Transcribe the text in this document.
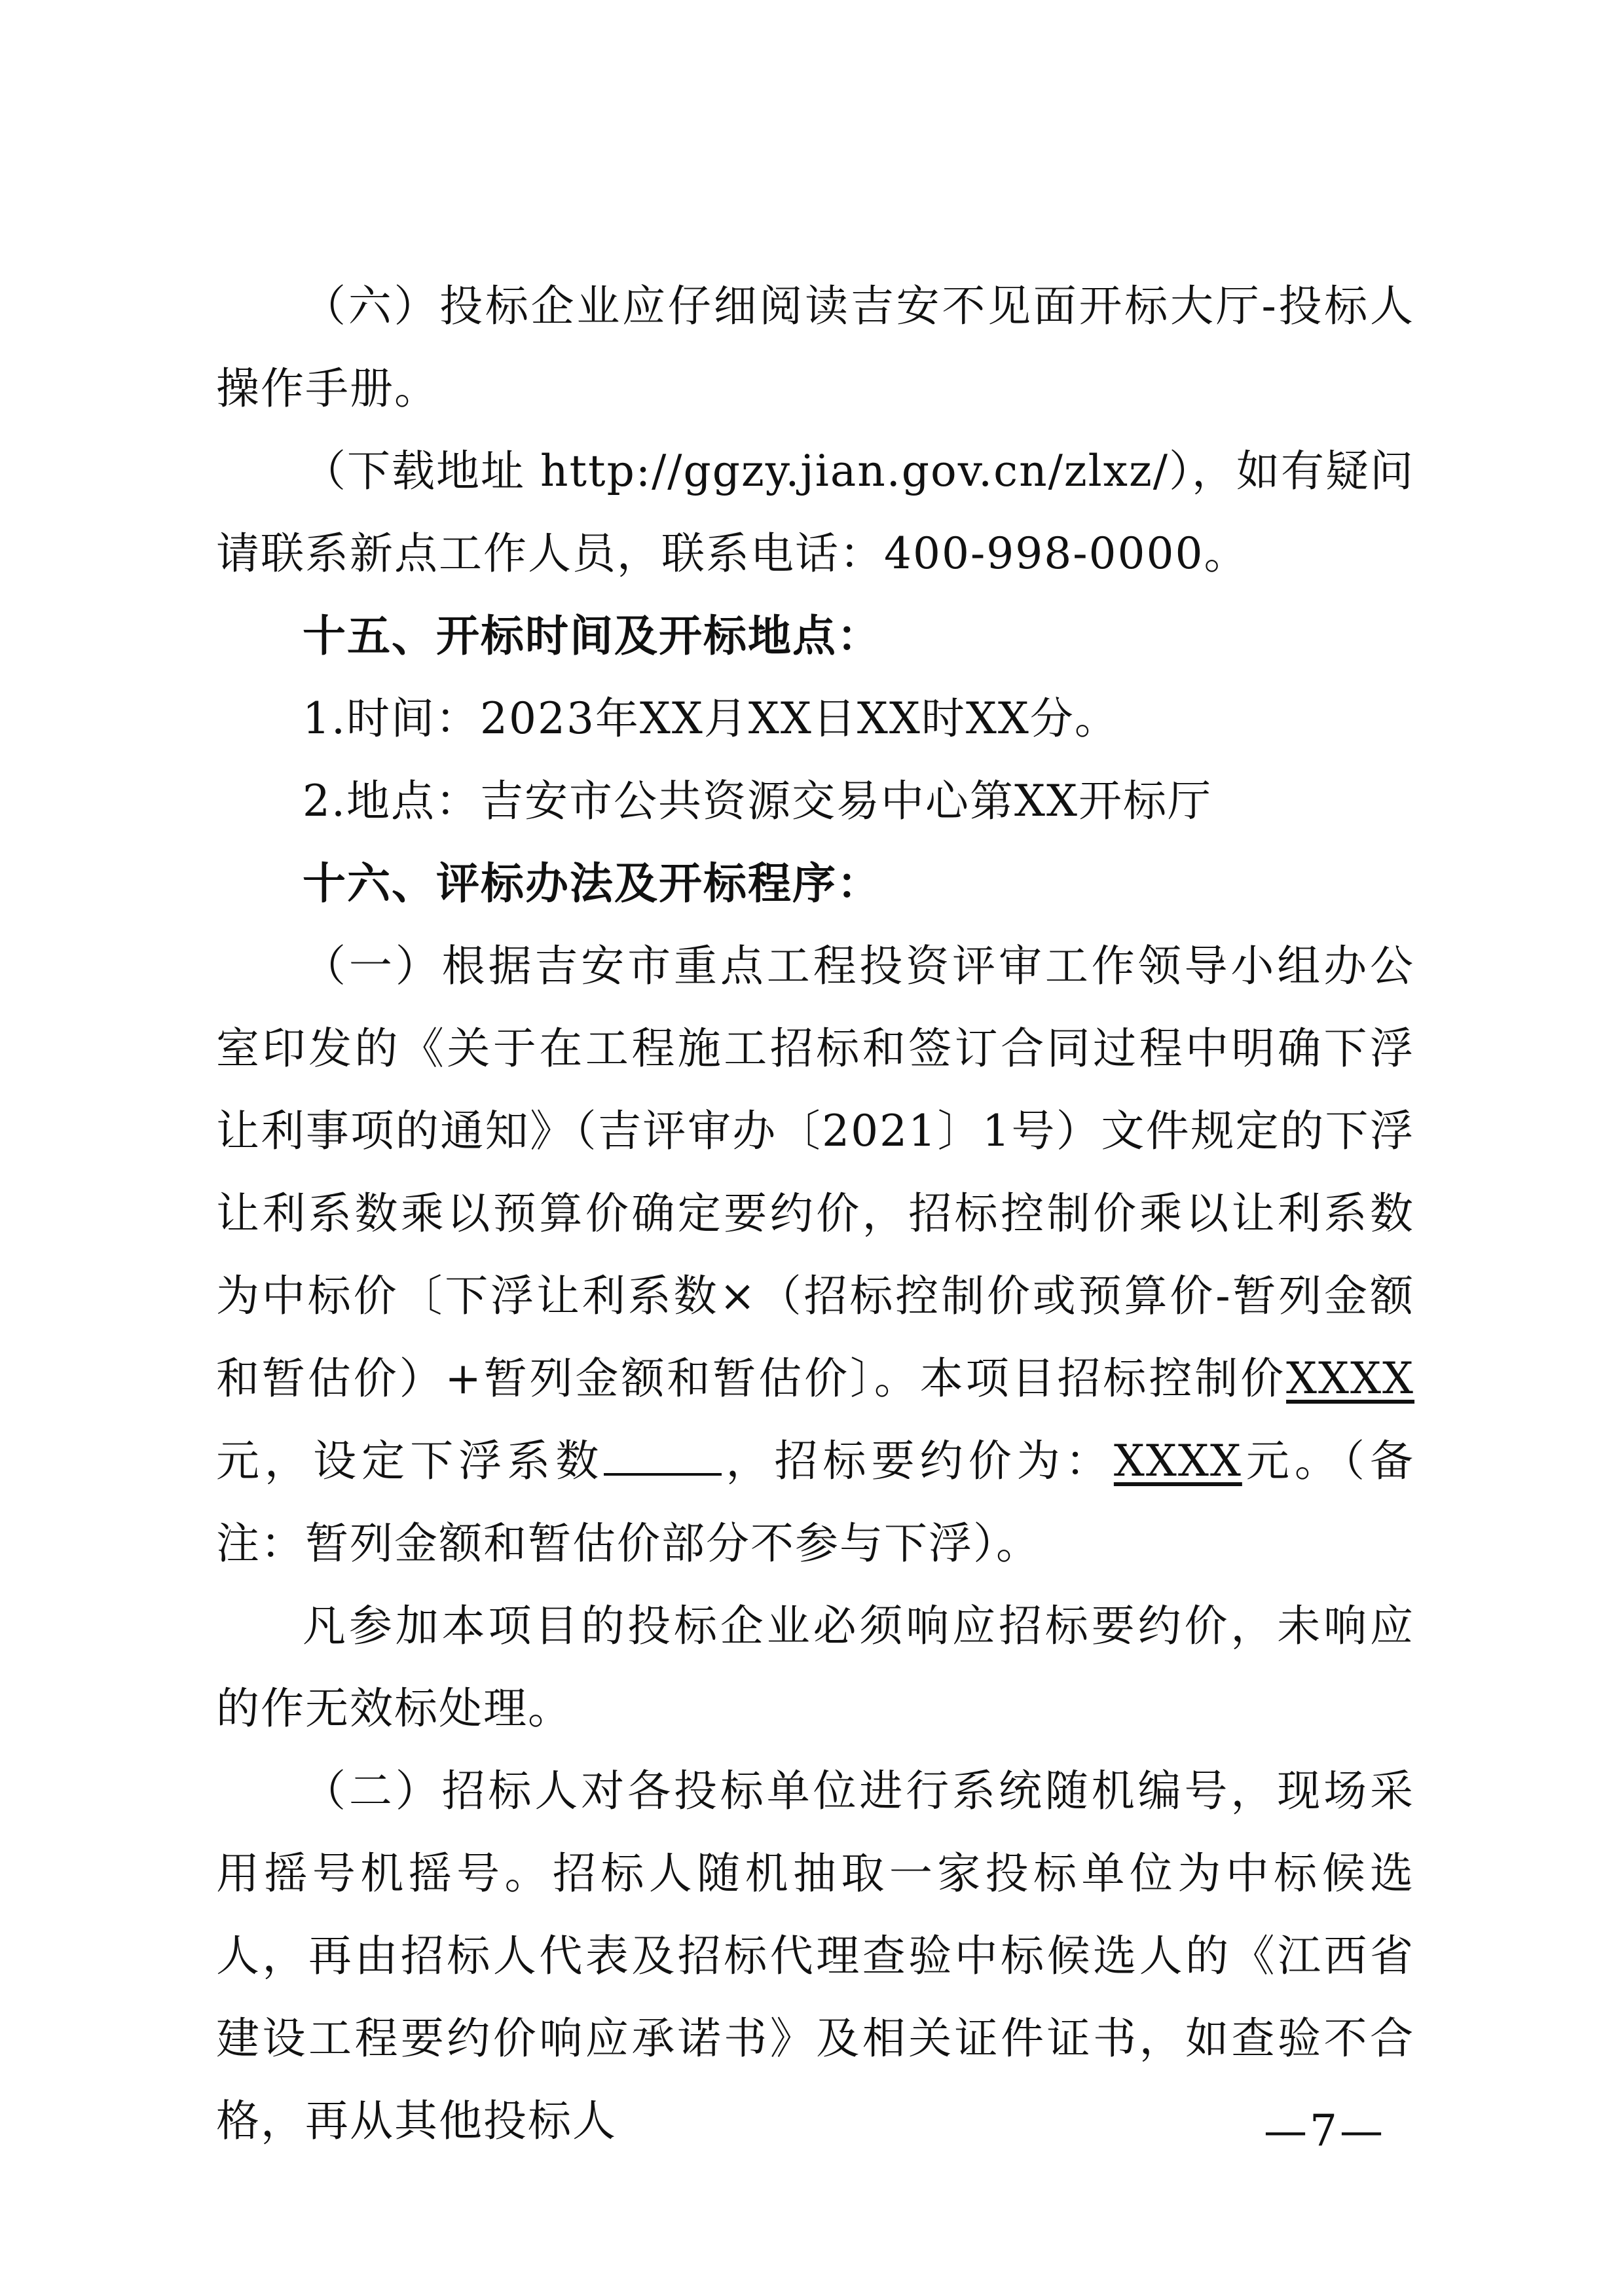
（六）投标企业应仔细阅读吉安不见面开标大厅-投标人操作手册。

（下载地址 http://ggzy.jian.gov.cn/zlxz/），如有疑问请联系新点工作人员，联系电话：400-998-0000。

十五、开标时间及开标地点：

1.时间：2023年XX月XX日XX时XX分。

2.地点：吉安市公共资源交易中心第XX开标厅

十六、评标办法及开标程序：

（一）根据吉安市重点工程投资评审工作领导小组办公室印发的《关于在工程施工招标和签订合同过程中明确下浮让利事项的通知》（吉评审办〔2021〕1号）文件规定的下浮让利系数乘以预算价确定要约价，招标控制价乘以让利系数为中标价〔下浮让利系数×（招标控制价或预算价-暂列金额和暂估价）+暂列金额和暂估价〕。本项目招标控制价XXXX元，设定下浮系数	，招标要约价为：XXXX元。（备注：暂列金额和暂估价部分不参与下浮）。

凡参加本项目的投标企业必须响应招标要约价，未响应的作无效标处理。

（二）招标人对各投标单位进行系统随机编号，现场采用摇号机摇号。招标人随机抽取一家投标单位为中标候选人，再由招标人代表及招标代理查验中标候选人的《江西省建设工程要约价响应承诺书》及相关证件证书，如查验不合格，再从其他投标人	—7—
